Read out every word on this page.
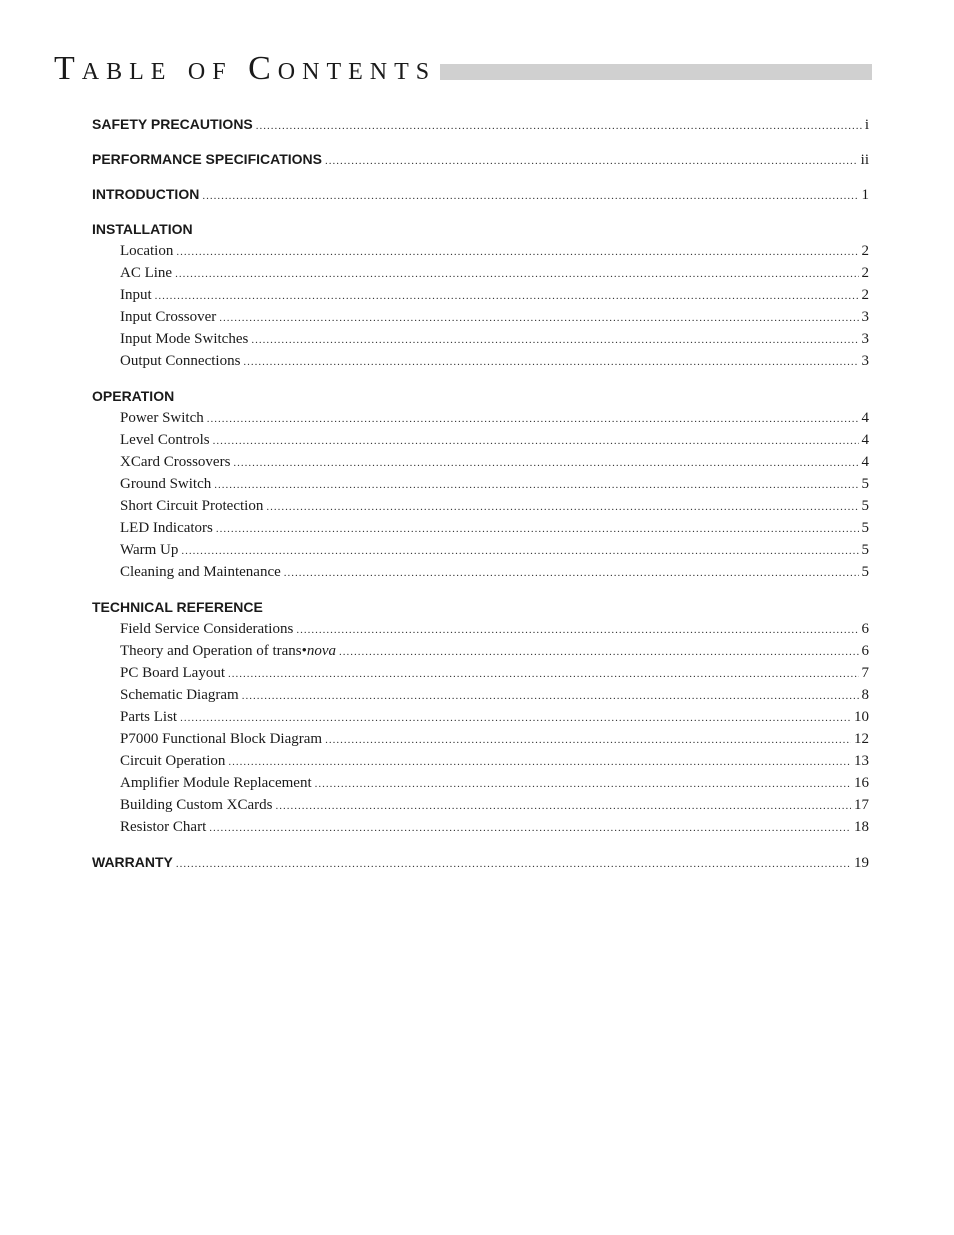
Table of Contents
SAFETY PRECAUTIONS .....	i
PERFORMANCE SPECIFICATIONS .....	ii
INTRODUCTION .....	1
INSTALLATION
Location .....	2
AC Line .....	2
Input .....	2
Input Crossover .....	3
Input Mode Switches .....	3
Output Connections .....	3
OPERATION
Power Switch .....	4
Level Controls .....	4
XCard Crossovers .....	4
Ground Switch .....	5
Short Circuit Protection .....	5
LED Indicators .....	5
Warm Up .....	5
Cleaning and Maintenance .....	5
TECHNICAL REFERENCE
Field Service Considerations .....	6
Theory and Operation of trans•nova .....	6
PC Board Layout .....	7
Schematic Diagram .....	8
Parts List .....	10
P7000 Functional Block Diagram .....	12
Circuit Operation .....	13
Amplifier Module Replacement .....	16
Building Custom XCards .....	17
Resistor Chart .....	18
WARRANTY .....	19
